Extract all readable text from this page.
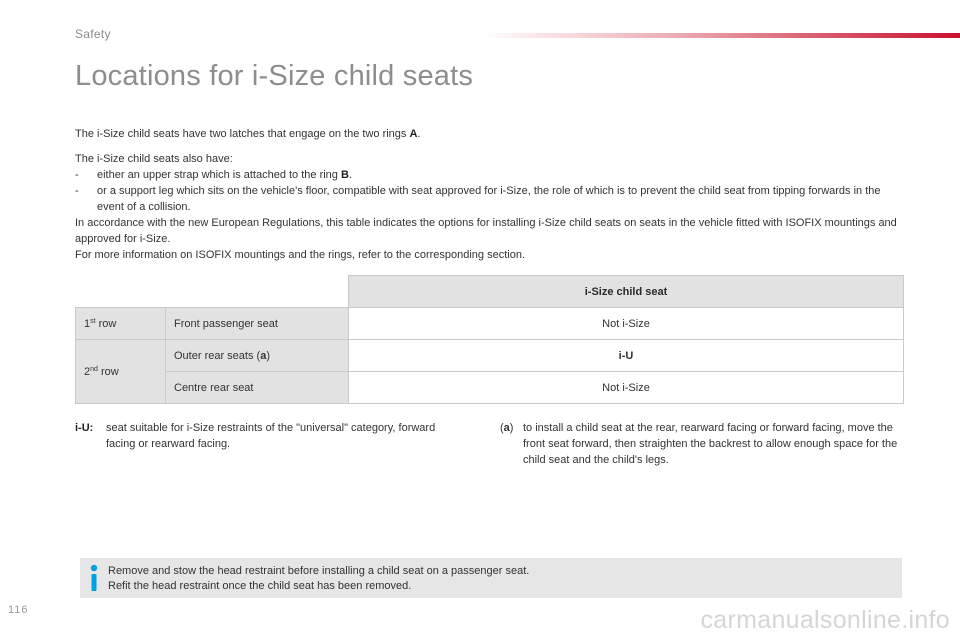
Safety
Locations for i-Size child seats

The i-Size child seats have two latches that engage on the two rings A.

The i-Size child seats also have:

-	either an upper strap which is attached to the ring B.
-	or a support leg which sits on the vehicle's floor, compatible with seat approved for i-Size, the role of which is to prevent the child seat from tipping forwards in the event of a collision.

In accordance with the new European Regulations, this table indicates the options for installing i-Size child seats on seats in the vehicle fitted with ISOFIX mountings and approved for i-Size.

For more information on ISOFIX mountings and the rings, refer to the corresponding section.

		i-Size child seat
1st row	Front passenger seat	Not i-Size
2nd row	Outer rear seats (a)	i-U
	Centre rear seat	Not i-Size
i-U:	seat suitable for i-Size restraints of the "universal" category, forward facing or rearward facing.
(a) to install a child seat at the rear, rearward facing or forward facing, move the front seat forward, then straighten the backrest to allow enough space for the child seat and the child's legs.
Remove and stow the head restraint before installing a child seat on a passenger seat.
Refit the head restraint once the child seat has been removed.
116	carmanualsonline.info
